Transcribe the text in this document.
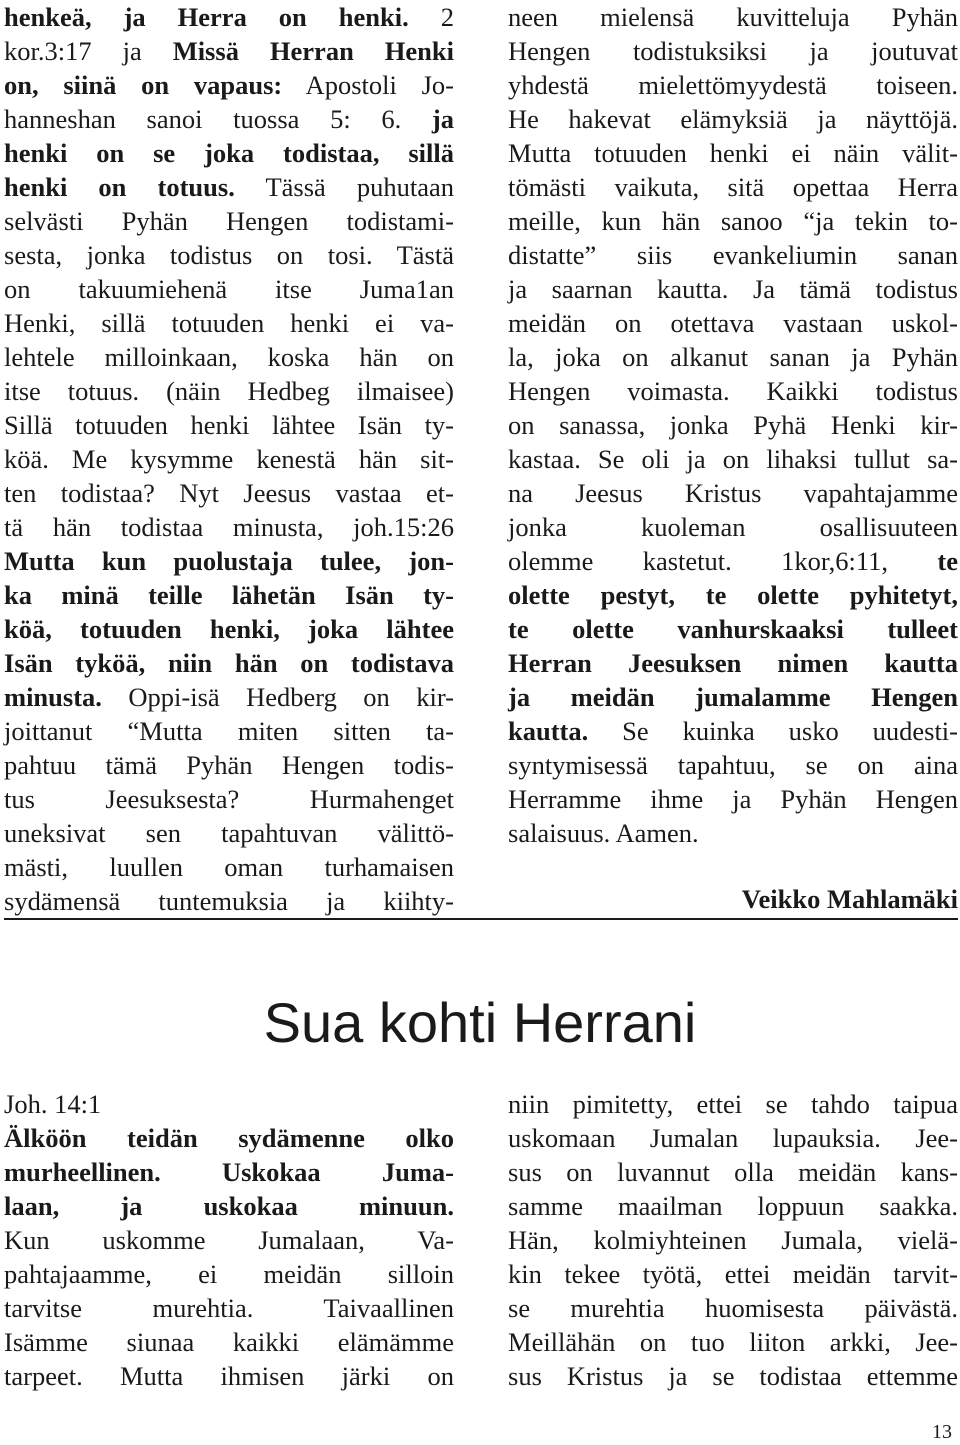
henkeä, ja Herra on henki. 2
kor.3:17 ja Missä Herran Henki
on, siinä on vapaus: Apostoli Jo-
hanneshan sanoi tuossa 5: 6. ja
henki on se joka todistaa, sillä
henki on totuus. Tässä puhutaan
selvästi Pyhän Hengen todistami-
sesta, jonka todistus on tosi. Tästä
on takuumiehenä itse Juma1an
Henki, sillä totuuden henki ei va-
lehtele milloinkaan, koska hän on
itse totuus. (näin Hedbeg ilmaisee)
Sillä totuuden henki lähtee Isän ty-
köä. Me kysymme kenestä hän sit-
ten todistaa? Nyt Jeesus vastaa et-
tä hän todistaa minusta, joh.15:26
Mutta kun puolustaja tulee, jon-
ka minä teille lähetän Isän ty-
köä, totuuden henki, joka lähtee
Isän tyköä, niin hän on todistava
minusta. Oppi-isä Hedberg on kir-
joittanut “Mutta miten sitten ta-
pahtuu tämä Pyhän Hengen todis-
tus Jeesuksesta? Hurmahenget
uneksivat sen tapahtuvan välittö-
mästi, luullen oman turhamaisen
sydämensä tuntemuksia ja kiihty-
neen mielensä kuvitteluja Pyhän
Hengen todistuksiksi ja joutuvat
yhdestä mielettömyydestä toiseen.
He hakevat elämyksiä ja näyttöjä.
Mutta totuuden henki ei näin välit-
tömästi vaikuta, sitä opettaa Herra
meille, kun hän sanoo “ja tekin to-
distatte” siis evankeliumin sanan
ja saarnan kautta. Ja tämä todistus
meidän on otettava vastaan uskol-
la, joka on alkanut sanan ja Pyhän
Hengen voimasta. Kaikki todistus
on sanassa, jonka Pyhä Henki kir-
kastaa. Se oli ja on lihaksi tullut sa-
na Jeesus Kristus vapahtajamme
jonka kuoleman osallisuuteen
olemme kastetut. 1kor,6:11, te
olette pestyt, te olette pyhitetyt,
te olette vanhurskaaksi tulleet
Herran Jeesuksen nimen kautta
ja meidän jumalamme Hengen
kautta. Se kuinka usko uudesti-
syntymisessä tapahtuu, se on aina
Herramme ihme ja Pyhän Hengen
salaisuus. Aamen.
Veikko Mahlamäki
Sua kohti Herrani
Joh. 14:1
Älköön teidän sydämenne olko
murheellinen. Uskokaa Juma-
laan, ja uskokaa minuun.
Kun uskomme Jumalaan, Va-
pahtajaamme, ei meidän silloin
tarvitse murehtia. Taivaallinen
Isämme siunaa kaikki elämämme
tarpeet. Mutta ihmisen järki on
niin pimitetty, ettei se tahdo taipua
uskomaan Jumalan lupauksia. Jee-
sus on luvannut olla meidän kans-
samme maailman loppuun saakka.
Hän, kolmiyhteinen Jumala, vielä-
kin tekee työtä, ettei meidän tarvit-
se murehtia huomisesta päivästä.
Meillähän on tuo liiton arkki, Jee-
sus Kristus ja se todistaa ettemme
13
